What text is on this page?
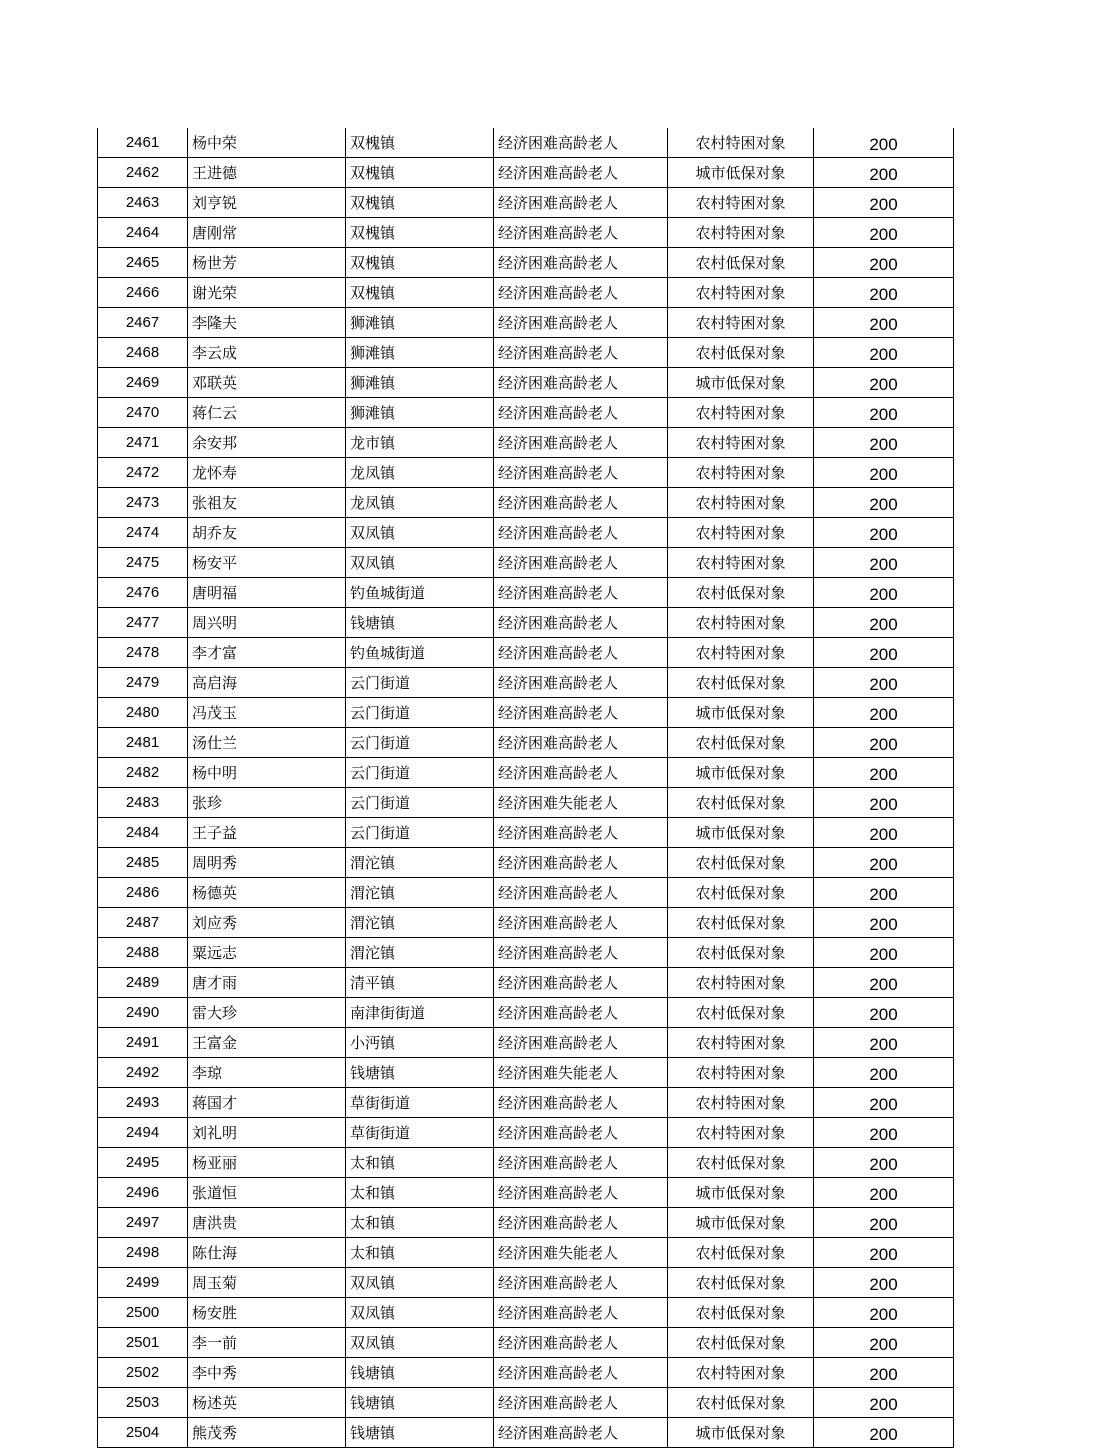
2461	杨中荣	双槐镇	经济困难高龄老人	农村特困对象	200
2462	王进德	双槐镇	经济困难高龄老人	城市低保对象	200
2463	刘亨锐	双槐镇	经济困难高龄老人	农村特困对象	200
2464	唐刚常	双槐镇	经济困难高龄老人	农村特困对象	200
2465	杨世芳	双槐镇	经济困难高龄老人	农村低保对象	200
2466	谢光荣	双槐镇	经济困难高龄老人	农村特困对象	200
2467	李隆夫	狮滩镇	经济困难高龄老人	农村特困对象	200
2468	李云成	狮滩镇	经济困难高龄老人	农村低保对象	200
2469	邓联英	狮滩镇	经济困难高龄老人	城市低保对象	200
2470	蒋仁云	狮滩镇	经济困难高龄老人	农村特困对象	200
2471	余安邦	龙市镇	经济困难高龄老人	农村特困对象	200
2472	龙怀寿	龙凤镇	经济困难高龄老人	农村特困对象	200
2473	张祖友	龙凤镇	经济困难高龄老人	农村特困对象	200
2474	胡乔友	双凤镇	经济困难高龄老人	农村特困对象	200
2475	杨安平	双凤镇	经济困难高龄老人	农村特困对象	200
2476	唐明福	钓鱼城街道	经济困难高龄老人	农村低保对象	200
2477	周兴明	钱塘镇	经济困难高龄老人	农村特困对象	200
2478	李才富	钓鱼城街道	经济困难高龄老人	农村特困对象	200
2479	高启海	云门街道	经济困难高龄老人	农村低保对象	200
2480	冯茂玉	云门街道	经济困难高龄老人	城市低保对象	200
2481	汤仕兰	云门街道	经济困难高龄老人	农村低保对象	200
2482	杨中明	云门街道	经济困难高龄老人	城市低保对象	200
2483	张珍	云门街道	经济困难失能老人	农村低保对象	200
2484	王子益	云门街道	经济困难高龄老人	城市低保对象	200
2485	周明秀	渭沱镇	经济困难高龄老人	农村低保对象	200
2486	杨德英	渭沱镇	经济困难高龄老人	农村低保对象	200
2487	刘应秀	渭沱镇	经济困难高龄老人	农村低保对象	200
2488	粟远志	渭沱镇	经济困难高龄老人	农村低保对象	200
2489	唐才雨	清平镇	经济困难高龄老人	农村特困对象	200
2490	雷大珍	南津街街道	经济困难高龄老人	农村低保对象	200
2491	王富金	小沔镇	经济困难高龄老人	农村特困对象	200
2492	李琼	钱塘镇	经济困难失能老人	农村特困对象	200
2493	蒋国才	草街街道	经济困难高龄老人	农村特困对象	200
2494	刘礼明	草街街道	经济困难高龄老人	农村特困对象	200
2495	杨亚丽	太和镇	经济困难高龄老人	农村低保对象	200
2496	张道恒	太和镇	经济困难高龄老人	城市低保对象	200
2497	唐洪贵	太和镇	经济困难高龄老人	城市低保对象	200
2498	陈仕海	太和镇	经济困难失能老人	农村低保对象	200
2499	周玉菊	双凤镇	经济困难高龄老人	农村低保对象	200
2500	杨安胜	双凤镇	经济困难高龄老人	农村低保对象	200
2501	李一前	双凤镇	经济困难高龄老人	农村低保对象	200
2502	李中秀	钱塘镇	经济困难高龄老人	农村特困对象	200
2503	杨述英	钱塘镇	经济困难高龄老人	农村低保对象	200
2504	熊茂秀	钱塘镇	经济困难高龄老人	城市低保对象	200
